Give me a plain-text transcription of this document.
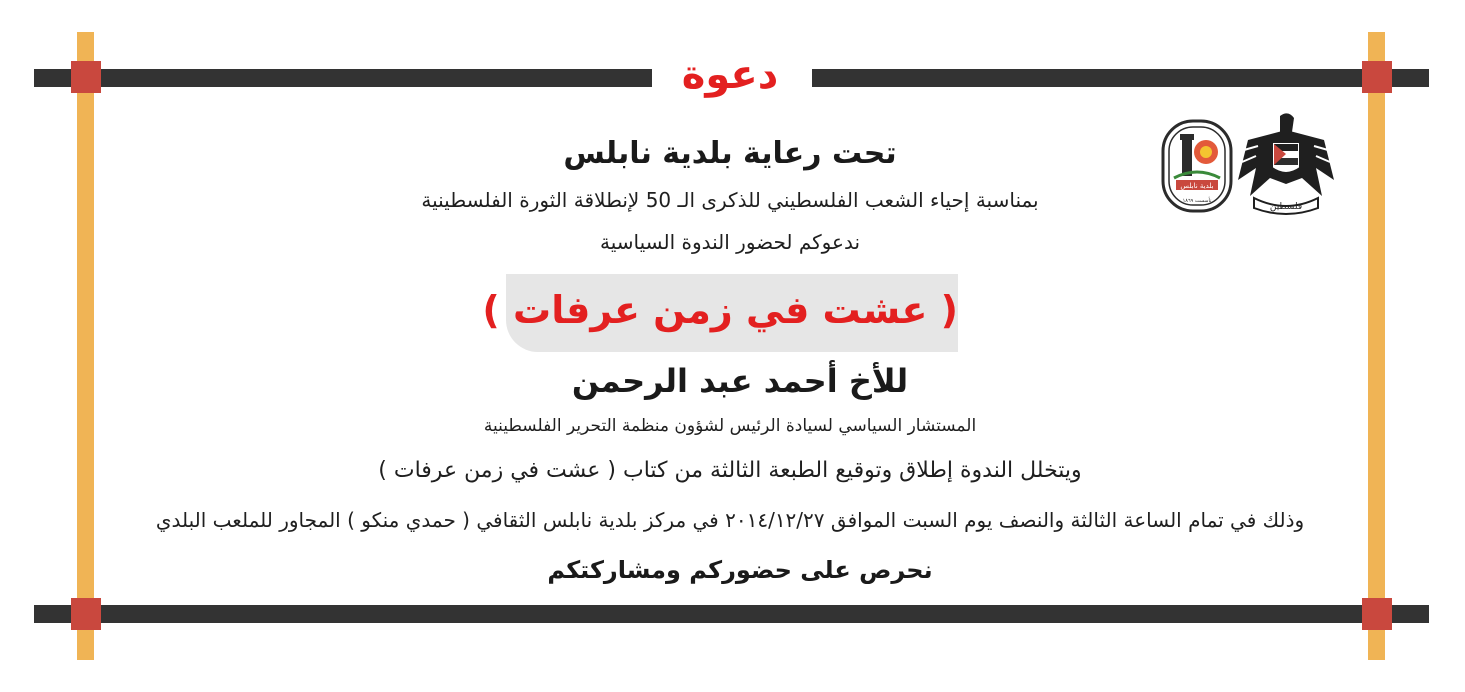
دعوة
تحت رعاية بلدية نابلس
بمناسبة إحياء الشعب الفلسطيني للذكرى الـ 50 لإنطلاقة الثورة الفلسطينية
ندعوكم لحضور الندوة السياسية
( عشت في زمن عرفات )
للأخ أحمد عبد الرحمن
المستشار السياسي لسيادة الرئيس لشؤون منظمة التحرير الفلسطينية
ويتخلل الندوة إطلاق وتوقيع الطبعة الثالثة من كتاب ( عشت في زمن عرفات )
وذلك في تمام الساعة الثالثة والنصف يوم السبت الموافق ٢٠١٤/١٢/٢٧ في مركز بلدية نابلس الثقافي ( حمدي منكو ) المجاور للملعب البلدي
نحرص على حضوركم ومشاركتكم
فلسطين
بلدية نابلس
تأسست ١٨٦٩
